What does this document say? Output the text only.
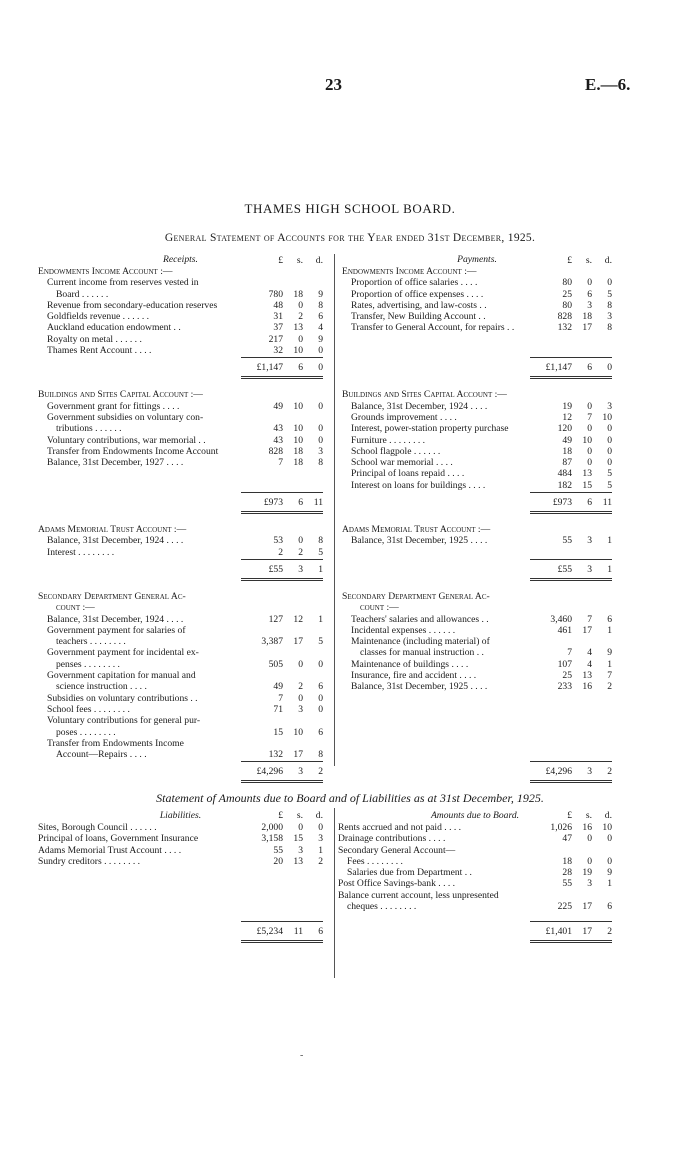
23	E.—6.
THAMES HIGH SCHOOL BOARD.
General Statement of Accounts for the Year ended 31st December, 1925.
Receipts.
Endowments Income Account :—
£	s.	d.
Current income from reserves vested in
Board . . . . . .	780	18	9
Revenue from secondary-education reserves	48	0	8
Goldfields revenue . . . . . .	31	2	6
Auckland education endowment . .	37	13	4
Royalty on metal . . . . . .	217	0	9
Thames Rent Account . . . .	32	10	0
£1,147	6	0
Buildings and Sites Capital Account :—
Government grant for fittings . . . .	49	10	0
Government subsidies on voluntary con-
tributions . . . . . .	43	10	0
Voluntary contributions, war memorial . .	43	10	0
Transfer from Endowments Income Account	828	18	3
Balance, 31st December, 1927 . . . .	7	18	8
£973	6	11
Adams Memorial Trust Account :—
Balance, 31st December, 1924 . . . .	53	0	8
Interest . . . . . . . .	2	2	5
£55	3	1
Secondary Department General Ac-
count :—
Balance, 31st December, 1924 . . . .	127	12	1
Government payment for salaries of
teachers . . . . . . . .	3,387	17	5
Government payment for incidental ex-
penses . . . . . . . .	505	0	0
Government capitation for manual and
science instruction . . . .	49	2	6
Subsidies on voluntary contributions . .	7	0	0
School fees . . . . . . . .	71	3	0
Voluntary contributions for general pur-
poses . . . . . . . .	15	10	6
Transfer from Endowments Income
Account—Repairs . . . .	132	17	8
£4,296	3	2
Payments.
Endowments Income Account :—
£	s.	d.
Proportion of office salaries . . . .	80	0	0
Proportion of office expenses . . . .	25	6	5
Rates, advertising, and law-costs . .	80	3	8
Transfer, New Building Account . .	828	18	3
Transfer to General Account, for repairs . .	132	17	8
£1,147	6	0
Buildings and Sites Capital Account :—
Balance, 31st December, 1924 . . . .	19	0	3
Grounds improvement . . . .	12	7	10
Interest, power-station property purchase	120	0	0
Furniture . . . . . . . .	49	10	0
School flagpole . . . . . .	18	0	0
School war memorial . . . .	87	0	0
Principal of loans repaid . . . .	484	13	5
Interest on loans for buildings . . . .	182	15	5
£973	6	11
Adams Memorial Trust Account :—
Balance, 31st December, 1925 . . . .	55	3	1
£55	3	1
Secondary Department General Ac-
count :—
Teachers' salaries and allowances . .	3,460	7	6
Incidental expenses . . . . . .	461	17	1
Maintenance (including material) of
classes for manual instruction . .	7	4	9
Maintenance of buildings . . . .	107	4	1
Insurance, fire and accident . . . .	25	13	7
Balance, 31st December, 1925 . . . .	233	16	2
£4,296	3	2
Statement of Amounts due to Board and of Liabilities as at 31st December, 1925.
Liabilities.	£	s.	d.
Sites, Borough Council . . . . . .	2,000	0	0
Principal of loans, Government Insurance	3,158	15	3
Adams Memorial Trust Account . . . .	55	3	1
Sundry creditors . . . . . . . .	20	13	2
£5,234	11	6
Amounts due to Board.	£	s.	d.
Rents accrued and not paid . . . .	1,026	16	10
Drainage contributions . . . .	47	0	0
Secondary General Account—
Fees . . . . . . . .	18	0	0
Salaries due from Department . .	28	19	9
Post Office Savings-bank . . . .	55	3	1
Balance current account, less unpresented
cheques . . . . . . . .	225	17	6
£1,401	17	2
-
